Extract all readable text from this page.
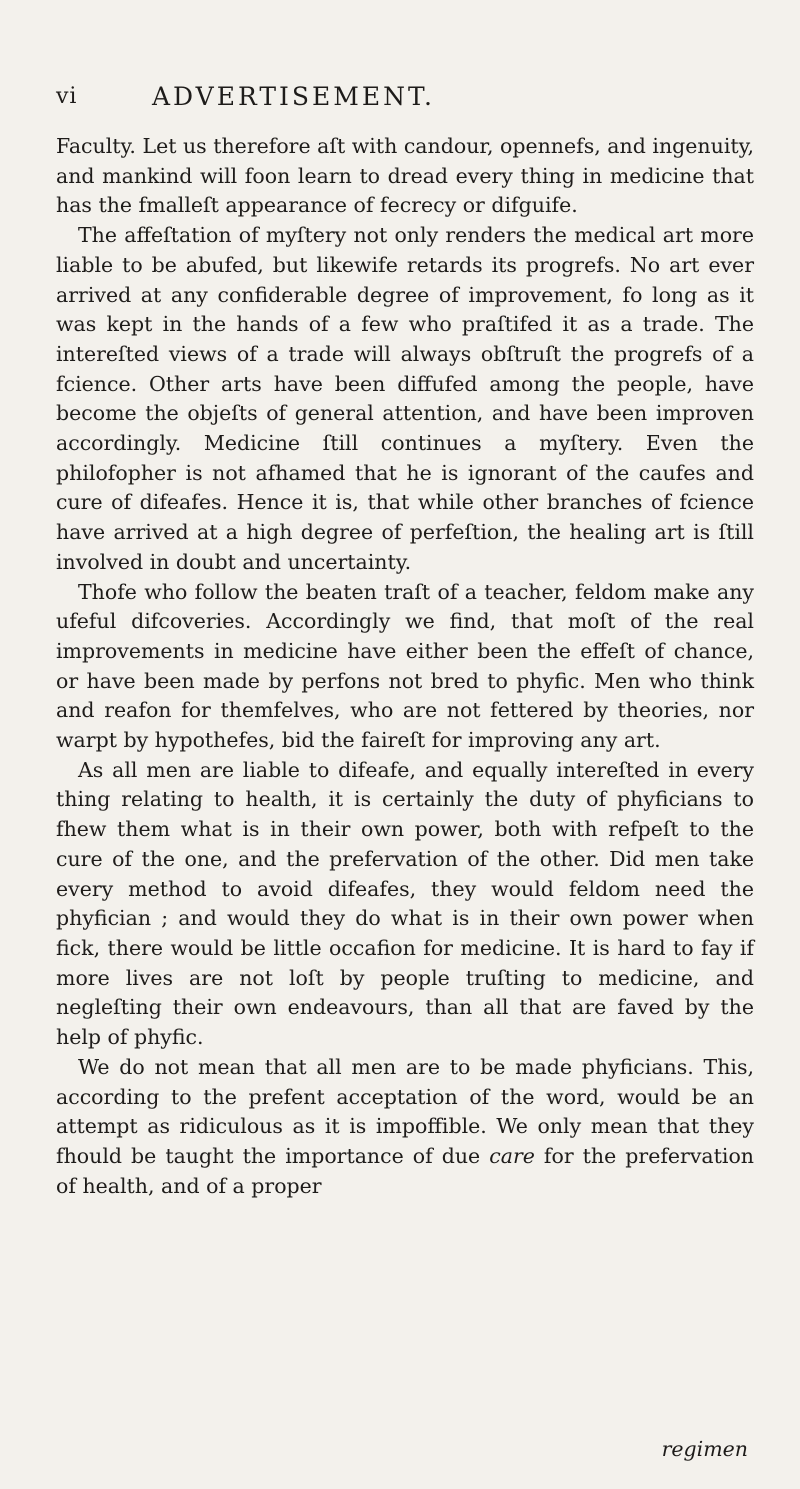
vi	ADVERTISEMENT.

Faculty. Let us therefore aſt with candour, opennefs, and ingenuity, and mankind will foon learn to dread every thing in medicine that has the fmalleſt appearance of fecrecy or difguife.

The affeſtation of myſtery not only renders the medical art more liable to be abufed, but likewife retards its progrefs. No art ever arrived at any confiderable degree of improvement, fo long as it was kept in the hands of a few who praſtifed it as a trade. The intereſted views of a trade will always obſtruſt the progrefs of a fcience. Other arts have been diffufed among the people, have become the objeſts of general attention, and have been improven accordingly. Medicine ſtill continues a myſtery. Even the philofopher is not afhamed that he is ignorant of the caufes and cure of difeafes. Hence it is, that while other branches of fcience have arrived at a high degree of perfeſtion, the healing art is ſtill involved in doubt and uncertainty.

Thofe who follow the beaten traſt of a teacher, feldom make any ufeful difcoveries. Accordingly we find, that moſt of the real improvements in medicine have either been the effeſt of chance, or have been made by perfons not bred to phyfic. Men who think and reafon for themfelves, who are not fettered by theories, nor warpt by hypothefes, bid the faireſt for improving any art.

As all men are liable to difeafe, and equally intereſted in every thing relating to health, it is certainly the duty of phyficians to fhew them what is in their own power, both with refpeſt to the cure of the one, and the prefervation of the other. Did men take every method to avoid difeafes, they would feldom need the phyfician ; and would they do what is in their own power when fick, there would be little occafion for medicine. It is hard to fay if more lives are not loſt by people truſting to medicine, and negleſting their own endeavours, than all that are faved by the help of phyfic.

We do not mean that all men are to be made phyficians. This, according to the prefent acceptation of the word, would be an attempt as ridiculous as it is impoffible. We only mean that they fhould be taught the importance of due care for the prefervation of health, and of a proper

regimen
